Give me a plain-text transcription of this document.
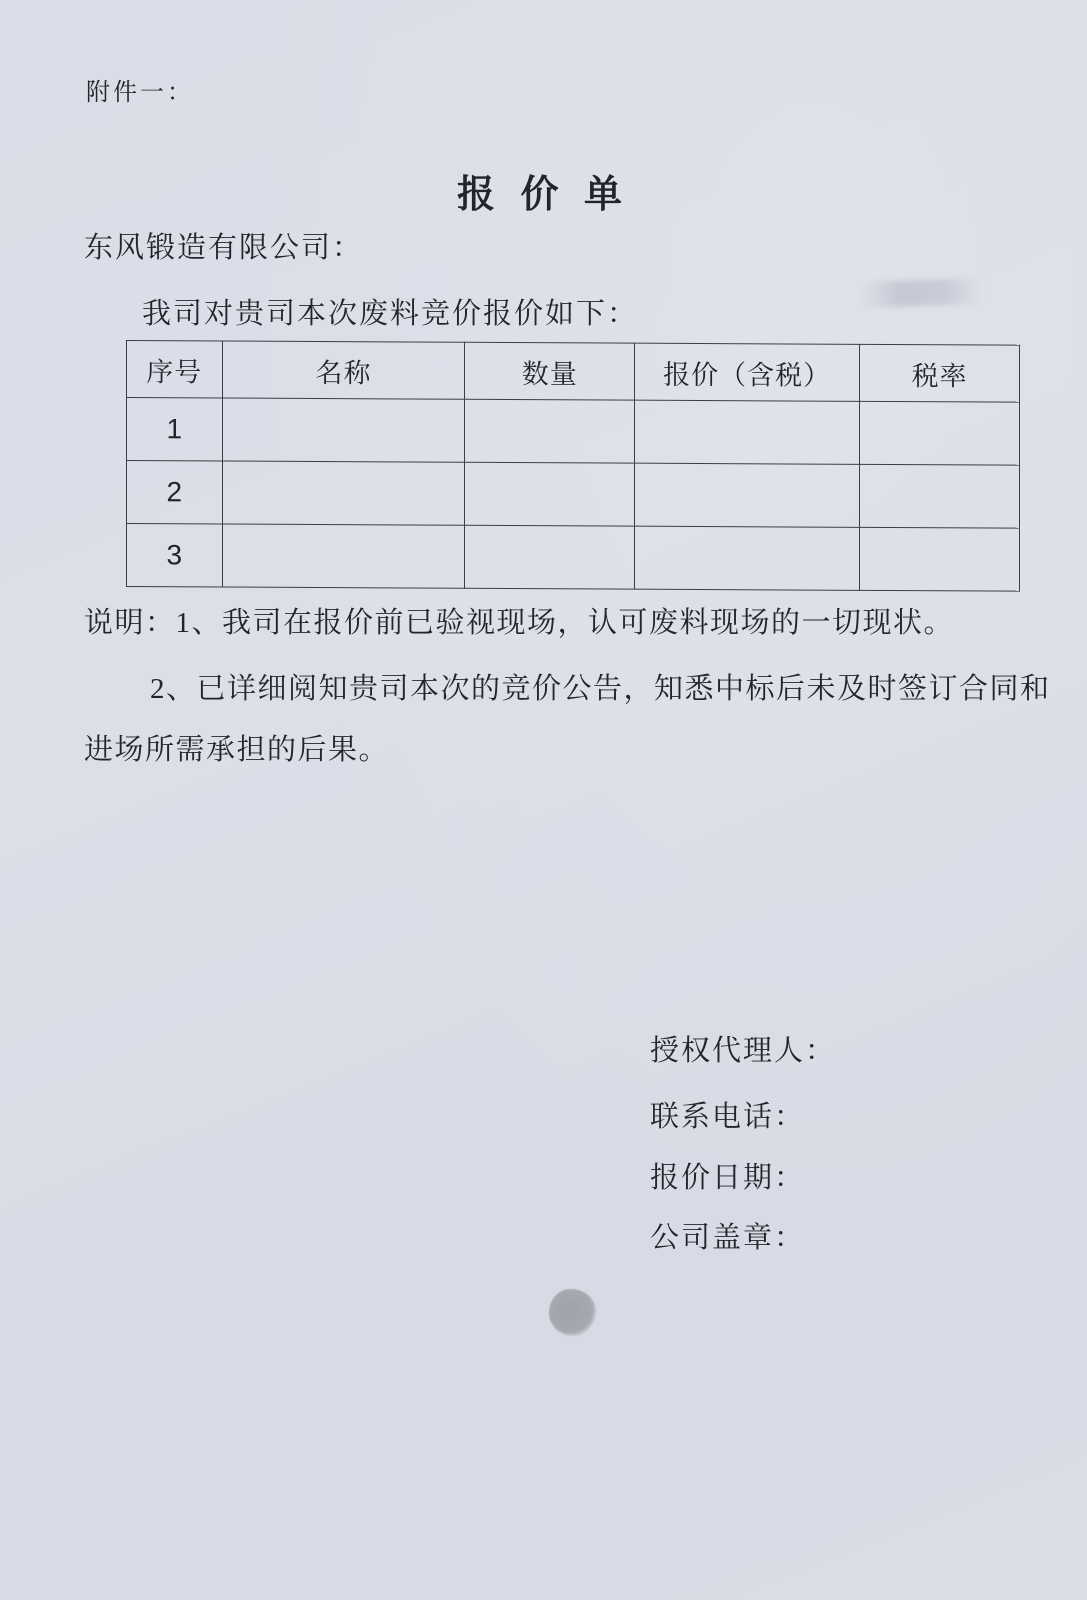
附件一：
报 价 单
东风锻造有限公司：
我司对贵司本次废料竞价报价如下：
序号	名称	数量	报价（含税）	税率
1				
2				
3				
说明：1、我司在报价前已验视现场，认可废料现场的一切现状。
2、已详细阅知贵司本次的竞价公告，知悉中标后未及时签订合同和
进场所需承担的后果。
授权代理人：
联系电话：
报价日期：
公司盖章：
